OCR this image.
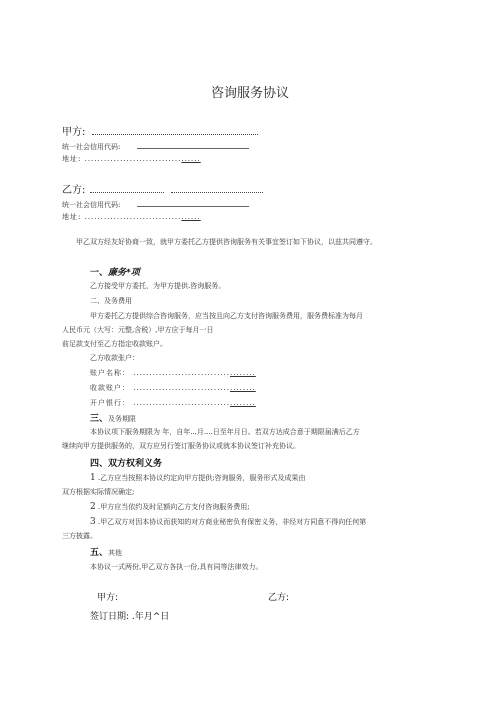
咨询服务协议
甲方:
统一社会信用代码:
地址: ....................................
乙方:
统一社会信用代码:
地址: ....................................
甲乙双方经友好协商一致，就甲方委托乙方提供咨询服务有关事宜签订如下协议，以兹共同遵守。
一、廉务*项
乙方接受甲方委托，为甲方提供.咨询服务。
二、及务费用
甲方委托乙方提供综合咨询服务，应当按且向乙方支付咨询服务费用，服务费标准为每月
人民币元（大写：元整,含税）,甲方应于每月一日
前足款支付至乙方指定收款账户。
乙方收款张户：
账户名称： ......................................
收款账户： ......................................
开户银行： ......................................
三、及务期限
本协议项下服务期限为 年，自年...月....日至年月日。若双方达成合意于期限届满后乙方
继续向甲方提供服务的，双方应另行签订服务协议或就本协议签订补充协议。
四、双方权利义务
1 .乙方应当按照本协议约定向甲方提供;咨询服务，服务形式及成果由
双方根据实际情况确定;
2 .甲方应当依约及时足额向乙方支付咨询服务费用;
3 .甲乙双方对因本协议而获知的对方商业秘密负有保密义务，非经对方同意不得向任何第
三方披露。
五、其他
本协议一式两份,甲乙双方各执一份,具有同等法律效力。
甲方:	乙方:
签订日期: .年月^日
